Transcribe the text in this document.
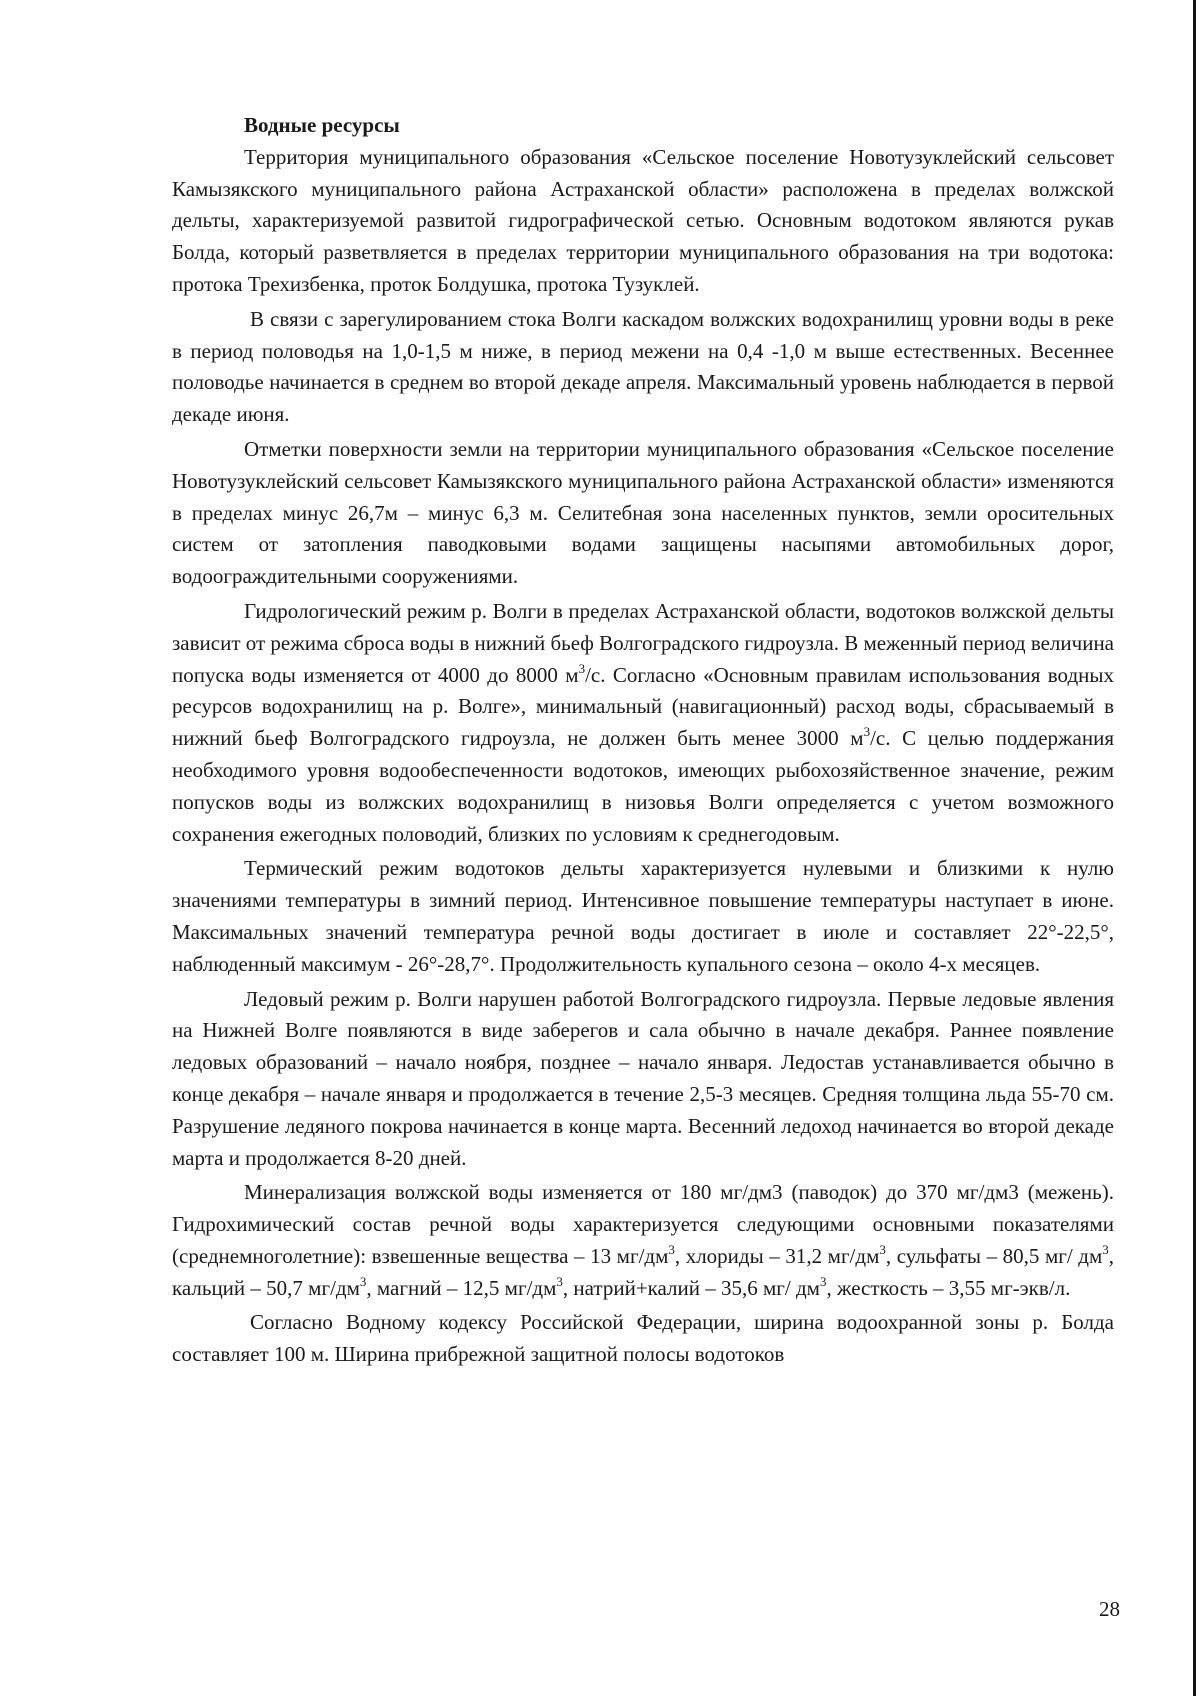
Водные ресурсы

Территория муниципального образования «Сельское поселение Новотузуклейский сельсовет Камызякского муниципального района Астраханской области» расположена в пределах волжской дельты, характеризуемой развитой гидрографической сетью. Основным водотоком являются рукав Болда, который разветвляется в пределах территории муниципального образования на три водотока: протока Трехизбенка, проток Болдушка, протока Тузуклей.

В связи с зарегулированием стока Волги каскадом волжских водохранилищ уровни воды в реке в период половодья на 1,0-1,5 м ниже, в период межени на 0,4 -1,0 м выше естественных. Весеннее половодье начинается в среднем во второй декаде апреля. Максимальный уровень наблюдается в первой декаде июня.

Отметки поверхности земли на территории муниципального образования «Сельское поселение Новотузуклейский сельсовет Камызякского муниципального района Астраханской области» изменяются в пределах минус 26,7м – минус 6,3 м. Селитебная зона населенных пунктов, земли оросительных систем от затопления паводковыми водами защищены насыпями автомобильных дорог, водоограждительными сооружениями.

Гидрологический режим р. Волги в пределах Астраханской области, водотоков волжской дельты зависит от режима сброса воды в нижний бьеф Волгоградского гидроузла. В меженный период величина попуска воды изменяется от 4000 до 8000 $м^3/с$. Согласно «Основным правилам использования водных ресурсов водохранилищ на р. Волге», минимальный (навигационный) расход воды, сбрасываемый в нижний бьеф Волгоградского гидроузла, не должен быть менее 3000 $м^3/с$. С целью поддержания необходимого уровня водообеспеченности водотоков, имеющих рыбохозяйственное значение, режим попусков воды из волжских водохранилищ в низовья Волги определяется с учетом возможного сохранения ежегодных половодий, близких по условиям к среднегодовым.

Термический режим водотоков дельты характеризуется нулевыми и близкими к нулю значениями температуры в зимний период. Интенсивное повышение температуры наступает в июне. Максимальных значений температура речной воды достигает в июле и составляет 22°-22,5°, наблюденный максимум - 26°-28,7°. Продолжительность купального сезона – около 4-х месяцев.

Ледовый режим р. Волги нарушен работой Волгоградского гидроузла. Первые ледовые явления на Нижней Волге появляются в виде заберегов и сала обычно в начале декабря. Раннее появление ледовых образований – начало ноября, позднее – начало января. Ледостав устанавливается обычно в конце декабря – начале января и продолжается в течение 2,5-3 месяцев. Средняя толщина льда 55-70 см. Разрушение ледяного покрова начинается в конце марта. Весенний ледоход начинается во второй декаде марта и продолжается 8-20 дней.

Минерализация волжской воды изменяется от 180 мг/дм3 (паводок) до 370 мг/дм3 (межень). Гидрохимический состав речной воды характеризуется следующими основными показателями (среднемноголетние): взвешенные вещества – 13 $мг/дм^3$, хлориды – 31,2 $мг/дм^3$, сульфаты – 80,5 мг/ $дм^3$, кальций – 50,7 $мг/дм^3$, магний – 12,5 $мг/дм^3$, натрий+калий – 35,6 мг/ $дм^3$, жесткость – 3,55 мг-экв/л.

Согласно Водному кодексу Российской Федерации, ширина водоохранной зоны р. Болда составляет 100 м. Ширина прибрежной защитной полосы водотоков

28
